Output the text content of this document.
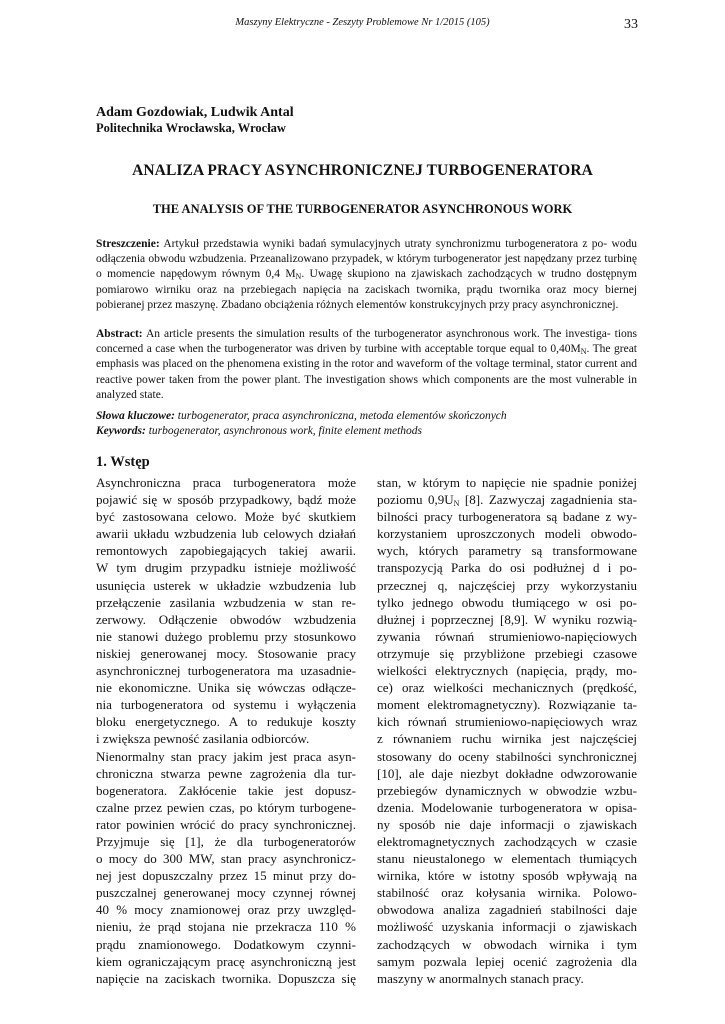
Maszyny Elektryczne - Zeszyty Problemowe Nr 1/2015 (105)	33
Adam Gozdowiak, Ludwik Antal
Politechnika Wrocławska, Wrocław
ANALIZA PRACY ASYNCHRONICZNEJ TURBOGENERATORA
THE ANALYSIS OF THE TURBOGENERATOR ASYNCHRONOUS WORK
Streszczenie: Artykuł przedstawia wyniki badań symulacyjnych utraty synchronizmu turbogeneratora z po- wodu odłączenia obwodu wzbudzenia. Przeanalizowano przypadek, w którym turbogenerator jest napędzany przez turbinę o momencie napędowym równym 0,4 $M_N$. Uwagę skupiono na zjawiskach zachodzących w trudno dostępnym pomiarowo wirniku oraz na przebiegach napięcia na zaciskach twornika, prądu twornika oraz mocy biernej pobieranej przez maszynę. Zbadano obciążenia różnych elementów konstrukcyjnych przy pracy asynchronicznej.
Abstract: An article presents the simulation results of the turbogenerator asynchronous work. The investiga- tions concerned a case when the turbogenerator was driven by turbine with acceptable torque equal to $0,40M_N$. The great emphasis was placed on the phenomena existing in the rotor and waveform of the voltage terminal, stator current and reactive power taken from the power plant. The investigation shows which components are the most vulnerable in analyzed state.
Słowa kluczowe: turbogenerator, praca asynchroniczna, metoda elementów skończonych
Keywords: turbogenerator, asynchronous work, finite element methods
1. Wstęp
Asynchroniczna praca turbogeneratora może
pojawić się w sposób przypadkowy, bądź może
być zastosowana celowo. Może być skutkiem
awarii układu wzbudzenia lub celowych działań
remontowych zapobiegających takiej awarii.
W tym drugim przypadku istnieje możliwość
usunięcia usterek w układzie wzbudzenia lub
przełączenie zasilania wzbudzenia w stan re-
zerwowy. Odłączenie obwodów wzbudzenia
nie stanowi dużego problemu przy stosunkowo
niskiej generowanej mocy. Stosowanie pracy
asynchronicznej turbogeneratora ma uzasadnie-
nie ekonomiczne. Unika się wówczas odłącze-
nia turbogeneratora od systemu i wyłączenia
bloku energetycznego. A to redukuje koszty
i zwiększa pewność zasilania odbiorców.
Nienormalny stan pracy jakim jest praca asyn-
chroniczna stwarza pewne zagrożenia dla tur-
bogeneratora. Zakłócenie takie jest dopusz-
czalne przez pewien czas, po którym turbogene-
rator powinien wrócić do pracy synchronicznej.
Przyjmuje się [1], że dla turbogeneratorów
o mocy do 300 MW, stan pracy asynchronicz-
nej jest dopuszczalny przez 15 minut przy do-
puszczalnej generowanej mocy czynnej równej
40 % mocy znamionowej oraz przy uwzględ-
nieniu, że prąd stojana nie przekracza 110 %
prądu znamionowego. Dodatkowym czynni-
kiem ograniczającym pracę asynchroniczną jest
napięcie na zaciskach twornika. Dopuszcza się
stan, w którym to napięcie nie spadnie poniżej
poziomu $0,9U_N$ [8]. Zazwyczaj zagadnienia sta-
bilności pracy turbogeneratora są badane z wy-
korzystaniem uproszczonych modeli obwodo-
wych, których parametry są transformowane
transpozycją Parka do osi podłużnej d i po-
przecznej q, najczęściej przy wykorzystaniu
tylko jednego obwodu tłumiącego w osi po-
dłużnej i poprzecznej [8,9]. W wyniku rozwią-
zywania równań strumieniowo-napięciowych
otrzymuje się przybliżone przebiegi czasowe
wielkości elektrycznych (napięcia, prądy, mo-
ce) oraz wielkości mechanicznych (prędkość,
moment elektromagnetyczny). Rozwiązanie ta-
kich równań strumieniowo-napięciowych wraz
z równaniem ruchu wirnika jest najczęściej
stosowany do oceny stabilności synchronicznej
[10], ale daje niezbyt dokładne odwzorowanie
przebiegów dynamicznych w obwodzie wzbu-
dzenia. Modelowanie turbogeneratora w opisa-
ny sposób nie daje informacji o zjawiskach
elektromagnetycznych zachodzących w czasie
stanu nieustalonego w elementach tłumiących
wirnika, które w istotny sposób wpływają na
stabilność oraz kołysania wirnika. Polowo-
obwodowa analiza zagadnień stabilności daje
możliwość uzyskania informacji o zjawiskach
zachodzących w obwodach wirnika i tym
samym pozwala lepiej ocenić zagrożenia dla
maszyny w anormalnych stanach pracy.
